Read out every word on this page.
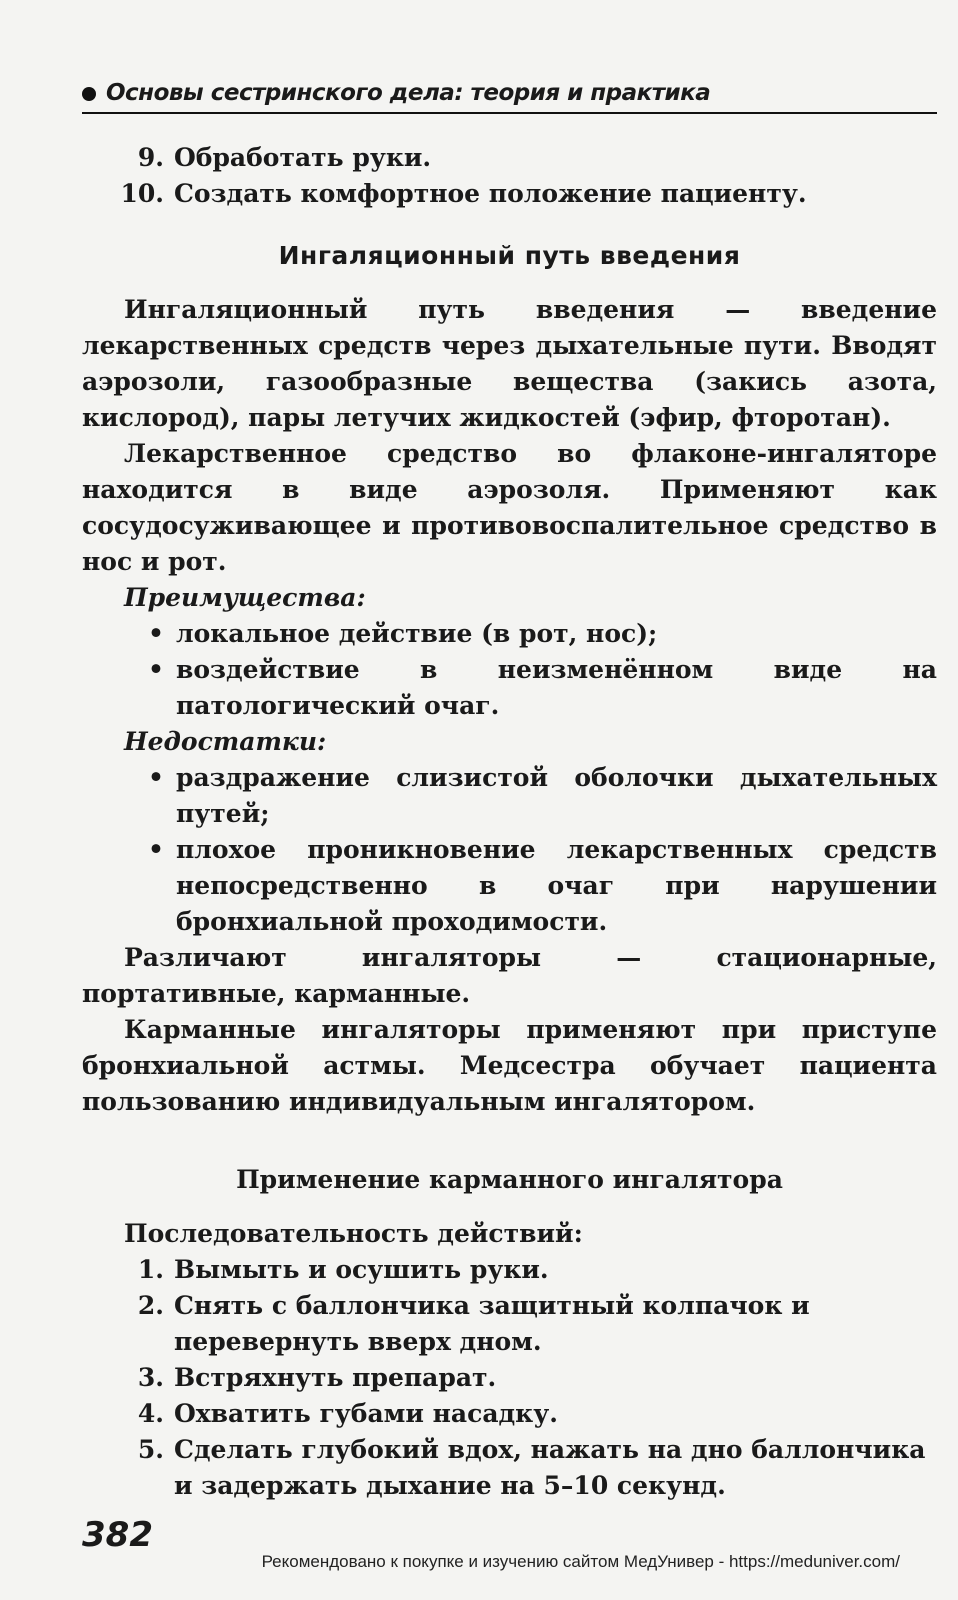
Основы сестринского дела: теория и практика
9. Обработать руки.
10. Создать комфортное положение пациенту.
Ингаляционный путь введения

Ингаляционный путь введения — введение лекарственных средств через дыхательные пути. Вводят аэрозоли, газообразные вещества (закись азота, кислород), пары летучих жидкостей (эфир, фторотан).

Лекарственное средство во флаконе-ингаляторе находится в виде аэрозоля. Применяют как сосудосуживающее и противовоспалительное средство в нос и рот.

Преимущества:
• локальное действие (в рот, нос);
• воздействие в неизменённом виде на патологический очаг.
Недостатки:
• раздражение слизистой оболочки дыхательных путей;
• плохое проникновение лекарственных средств непосредственно в очаг при нарушении бронхиальной проходимости.

Различают ингаляторы — стационарные, портативные, карманные.

Карманные ингаляторы применяют при приступе бронхиальной астмы. Медсестра обучает пациента пользованию индивидуальным ингалятором.

Применение карманного ингалятора

Последовательность действий:

1. Вымыть и осушить руки.
2. Снять с баллончика защитный колпачок и перевернуть вверх дном.
3. Встряхнуть препарат.
4. Охватить губами насадку.
5. Сделать глубокий вдох, нажать на дно баллончика и задержать дыхание на 5–10 секунд.
382
Рекомендовано к покупке и изучению сайтом МедУнивер - https://meduniver.com/
